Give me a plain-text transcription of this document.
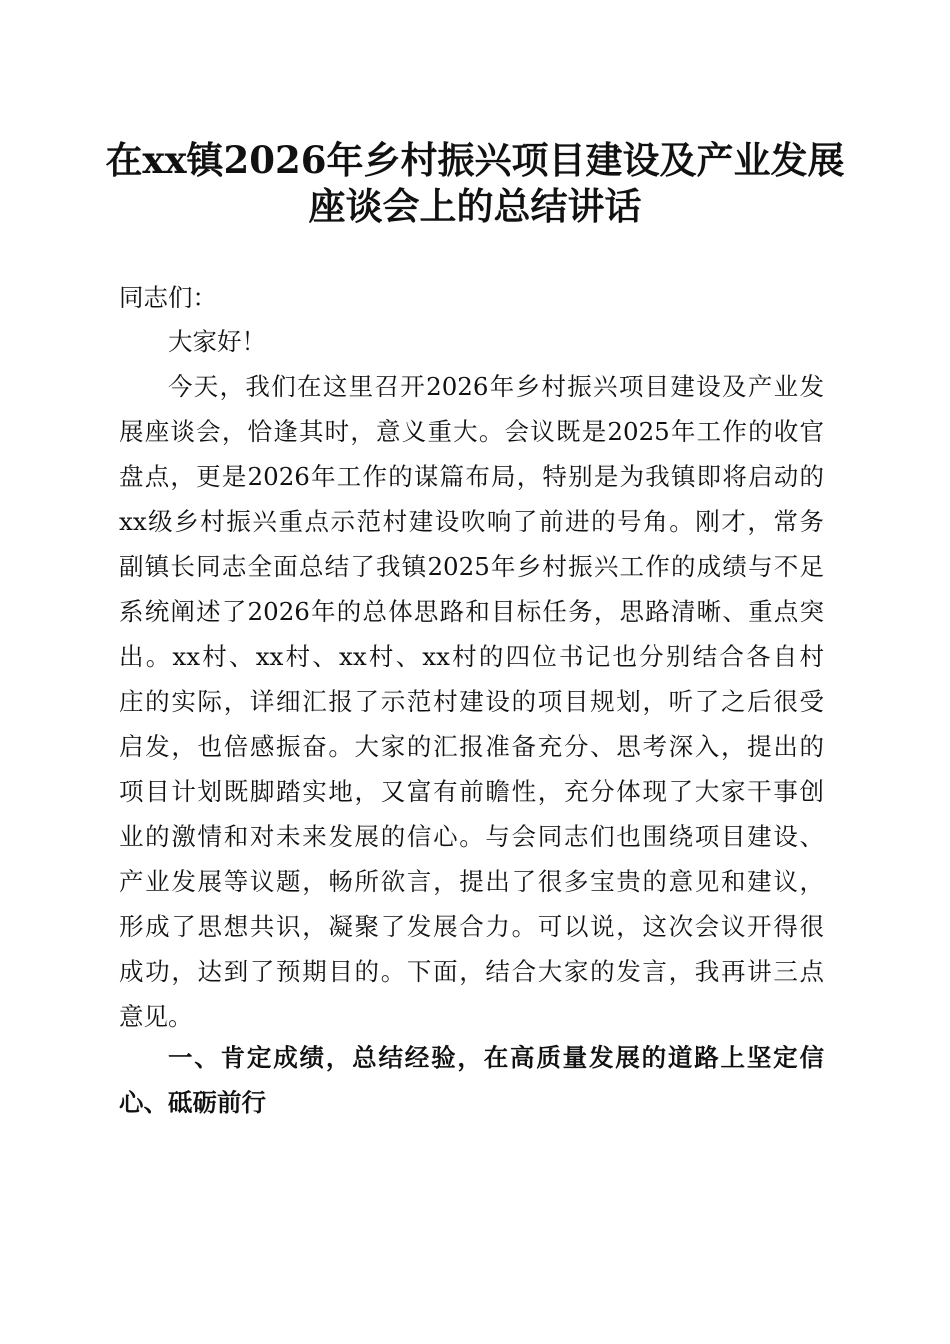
在xx镇2026年乡村振兴项目建设及产业发展
座谈会上的总结讲话
同志们：
大家好！
今天，我们在这里召开2026年乡村振兴项目建设及产业发
展座谈会，恰逢其时，意义重大。会议既是2025年工作的收官
盘点，更是2026年工作的谋篇布局，特别是为我镇即将启动的
xx级乡村振兴重点示范村建设吹响了前进的号角。刚才，常务
副镇长同志全面总结了我镇2025年乡村振兴工作的成绩与不足
系统阐述了2026年的总体思路和目标任务，思路清晰、重点突
出。xx村、xx村、xx村、xx村的四位书记也分别结合各自村
庄的实际，详细汇报了示范村建设的项目规划，听了之后很受
启发，也倍感振奋。大家的汇报准备充分、思考深入，提出的
项目计划既脚踏实地，又富有前瞻性，充分体现了大家干事创
业的激情和对未来发展的信心。与会同志们也围绕项目建设、
产业发展等议题，畅所欲言，提出了很多宝贵的意见和建议，
形成了思想共识，凝聚了发展合力。可以说，这次会议开得很
成功，达到了预期目的。下面，结合大家的发言，我再讲三点
意见。
一、肯定成绩，总结经验，在高质量发展的道路上坚定信
心、砥砺前行
